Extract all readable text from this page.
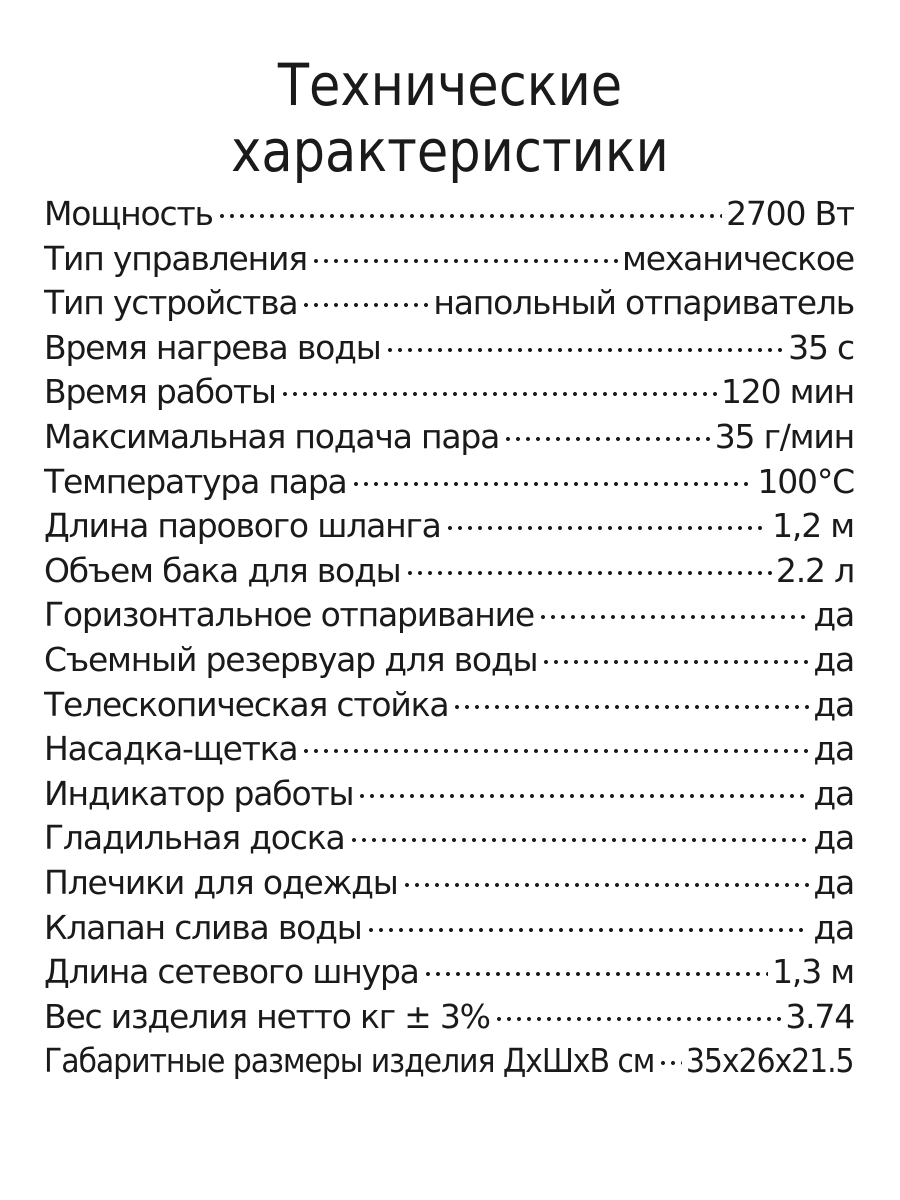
Технические
характеристики
Мощность	2700 Вт
Тип управления	механическое
Тип устройства	напольный отпариватель
Время нагрева воды	35 с
Время работы	120 мин
Максимальная подача пара	35 г/мин
Температура пара	100°С
Длина парового шланга	1,2 м
Объем бака для воды	2.2 л
Горизонтальное отпаривание	да
Съемный резервуар для воды	да
Телескопическая стойка	да
Насадка-щетка	да
Индикатор работы	да
Гладильная доска	да
Плечики для одежды	да
Клапан слива воды	да
Длина сетевого шнура	1,3 м
Вес изделия нетто кг ± 3%	3.74
Габаритные размеры изделия ДхШхВ см 35x26x21.5
